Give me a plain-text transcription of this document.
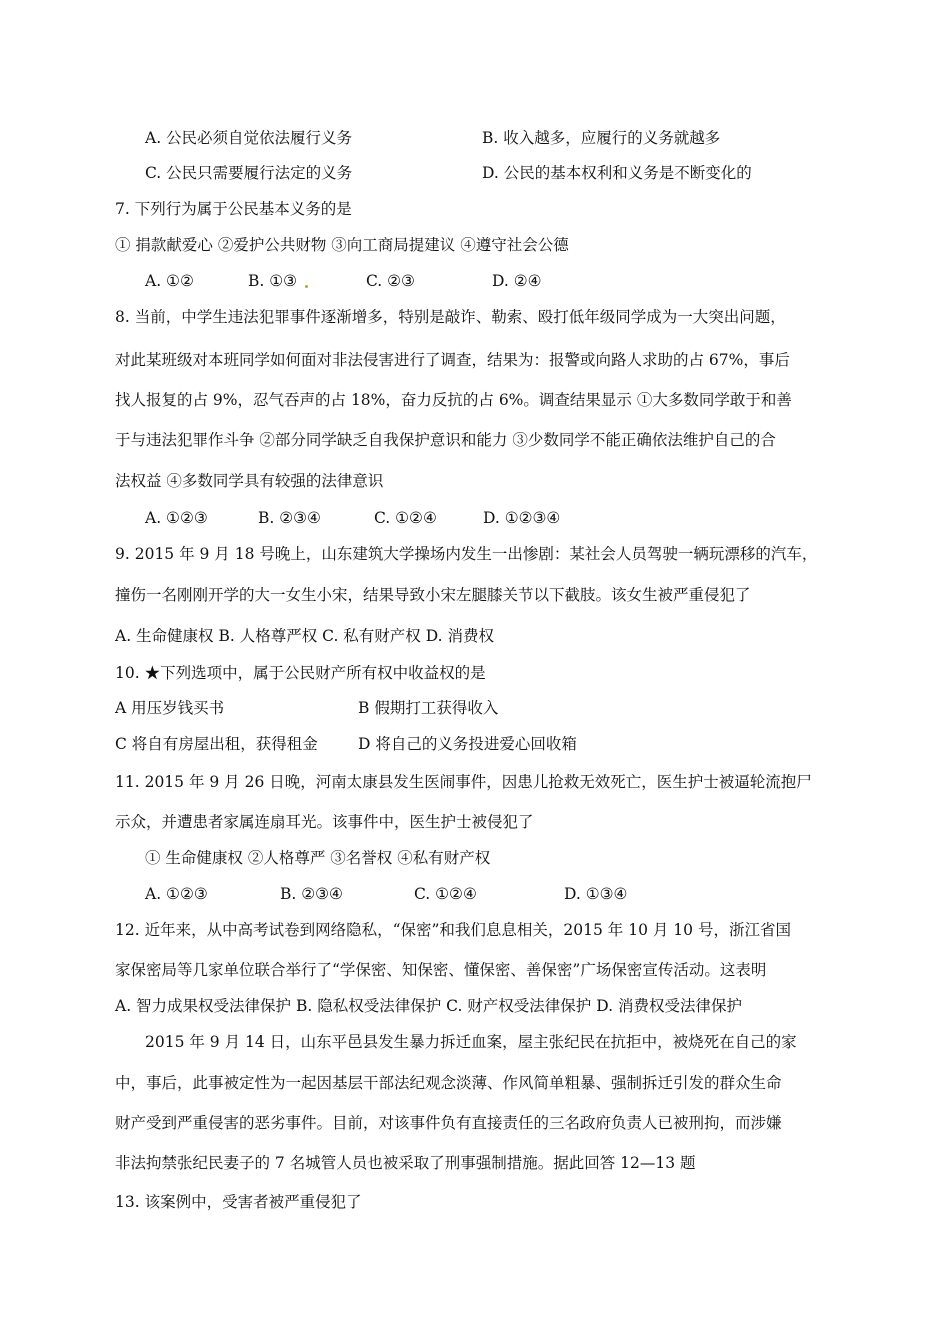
A. 公民必须自觉依法履行义务	B. 收入越多，应履行的义务就越多
C. 公民只需要履行法定的义务	D. 公民的基本权利和义务是不断变化的
7. 下列行为属于公民基本义务的是
① 捐款献爱心 ②爱护公共财物 ③向工商局提建议 ④遵守社会公德
A. ①②	B. ①③	C. ②③	D. ②④
8. 当前，中学生违法犯罪事件逐渐增多，特别是敲诈、勒索、殴打低年级同学成为一大突出问题，
对此某班级对本班同学如何面对非法侵害进行了调查，结果为：报警或向路人求助的占 67%，事后
找人报复的占 9%，忍气吞声的占 18%，奋力反抗的占 6%。调查结果显示 ①大多数同学敢于和善
于与违法犯罪作斗争 ②部分同学缺乏自我保护意识和能力 ③少数同学不能正确依法维护自己的合
法权益 ④多数同学具有较强的法律意识
A. ①②③	B. ②③④	C. ①②④	D. ①②③④
9. 2015 年 9 月 18 号晚上，山东建筑大学操场内发生一出惨剧：某社会人员驾驶一辆玩漂移的汽车，
撞伤一名刚刚开学的大一女生小宋，结果导致小宋左腿膝关节以下截肢。该女生被严重侵犯了
A. 生命健康权 B. 人格尊严权 C. 私有财产权 D. 消费权
10. ★下列选项中，属于公民财产所有权中收益权的是
A 用压岁钱买书	B 假期打工获得收入
C 将自有房屋出租，获得租金	D 将自己的义务投进爱心回收箱
11. 2015 年 9 月 26 日晚，河南太康县发生医闹事件，因患儿抢救无效死亡，医生护士被逼轮流抱尸
示众，并遭患者家属连扇耳光。该事件中，医生护士被侵犯了
① 生命健康权 ②人格尊严 ③名誉权 ④私有财产权
A. ①②③	B. ②③④	C. ①②④	D. ①③④
12. 近年来，从中高考试卷到网络隐私，“保密”和我们息息相关，2015 年 10 月 10 号，浙江省国
家保密局等几家单位联合举行了“学保密、知保密、懂保密、善保密”广场保密宣传活动。这表明
A. 智力成果权受法律保护 B. 隐私权受法律保护 C. 财产权受法律保护 D. 消费权受法律保护
2015 年 9 月 14 日，山东平邑县发生暴力拆迁血案，屋主张纪民在抗拒中，被烧死在自己的家
中，事后，此事被定性为一起因基层干部法纪观念淡薄、作风简单粗暴、强制拆迁引发的群众生命
财产受到严重侵害的恶劣事件。目前，对该事件负有直接责任的三名政府负责人已被刑拘，而涉嫌
非法拘禁张纪民妻子的 7 名城管人员也被采取了刑事强制措施。据此回答 12—13 题
13. 该案例中，受害者被严重侵犯了
